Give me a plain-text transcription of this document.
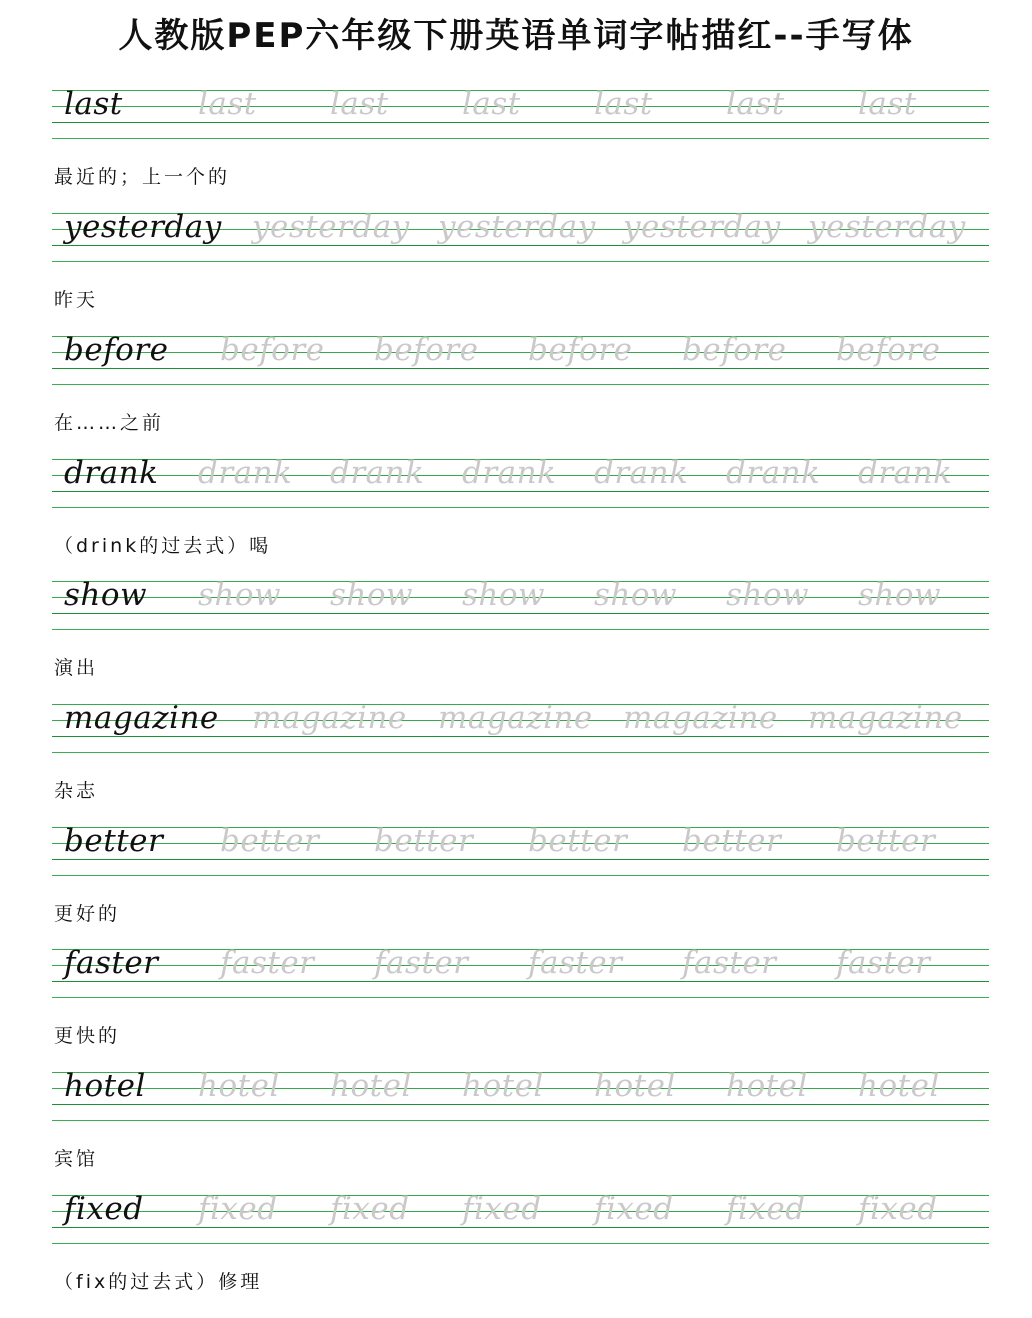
人教版PEP六年级下册英语单词字帖描红--手写体
last last last last last last last
最近的；上一个的
yesterday yesterday yesterday yesterday yesterday
昨天
before before before before before before
在……之前
drank drank drank drank drank drank drank
（drink的过去式）喝
show show show show show show show
演出
magazine magazine magazine magazine magazine
杂志
better better better better better better
更好的
faster faster faster faster faster faster
更快的
hotel hotel hotel hotel hotel hotel hotel
宾馆
fixed fixed fixed fixed fixed fixed fixed
（fix的过去式）修理
